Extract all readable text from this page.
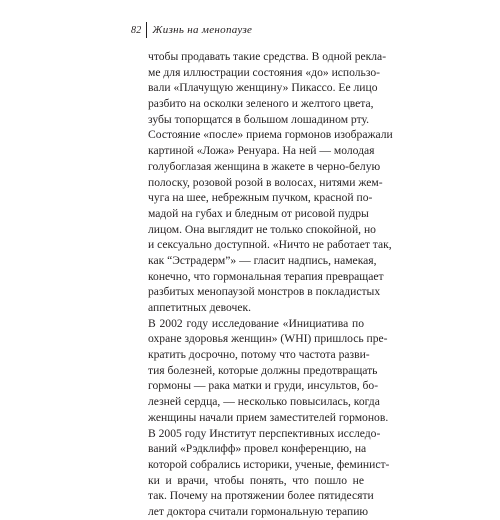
82 Жизнь на менопаузе
чтобы продавать такие средства. В одной рекла-
ме для иллюстрации состояния «до» использо-
вали «Плачущую женщину» Пикассо. Ее лицо
разбито на осколки зеленого и желтого цвета,
зубы топорщатся в большом лошадином рту.
Состояние «после» приема гормонов изображали
картиной «Ложа» Ренуара. На ней — молодая
голубоглазая женщина в жакете в черно-белую
полоску, розовой розой в волосах, нитями жем-
чуга на шее, небрежным пучком, красной по-
мадой на губах и бледным от рисовой пудры
лицом. Она выглядит не только спокойной, но
и сексуально доступной. «Ничто не работает так,
как “Эстрадерм”» — гласит надпись, намекая,
конечно, что гормональная терапия превращает
разбитых менопаузой монстров в покладистых
аппетитных девочек.
В 2002 году исследование «Инициатива по
охране здоровья женщин» (WHI) пришлось пре-
кратить досрочно, потому что частота разви-
тия болезней, которые должны предотвращать
гормоны — рака матки и груди, инсультов, бо-
лезней сердца, — несколько повысилась, когда
женщины начали прием заместителей гормонов.
В 2005 году Институт перспективных исследо-
ваний «Рэдклифф» провел конференцию, на
которой собрались историки, ученые, феминист-
ки и врачи, чтобы понять, что пошло не
так. Почему на протяжении более пятидесяти
лет доктора считали гормональную терапию
